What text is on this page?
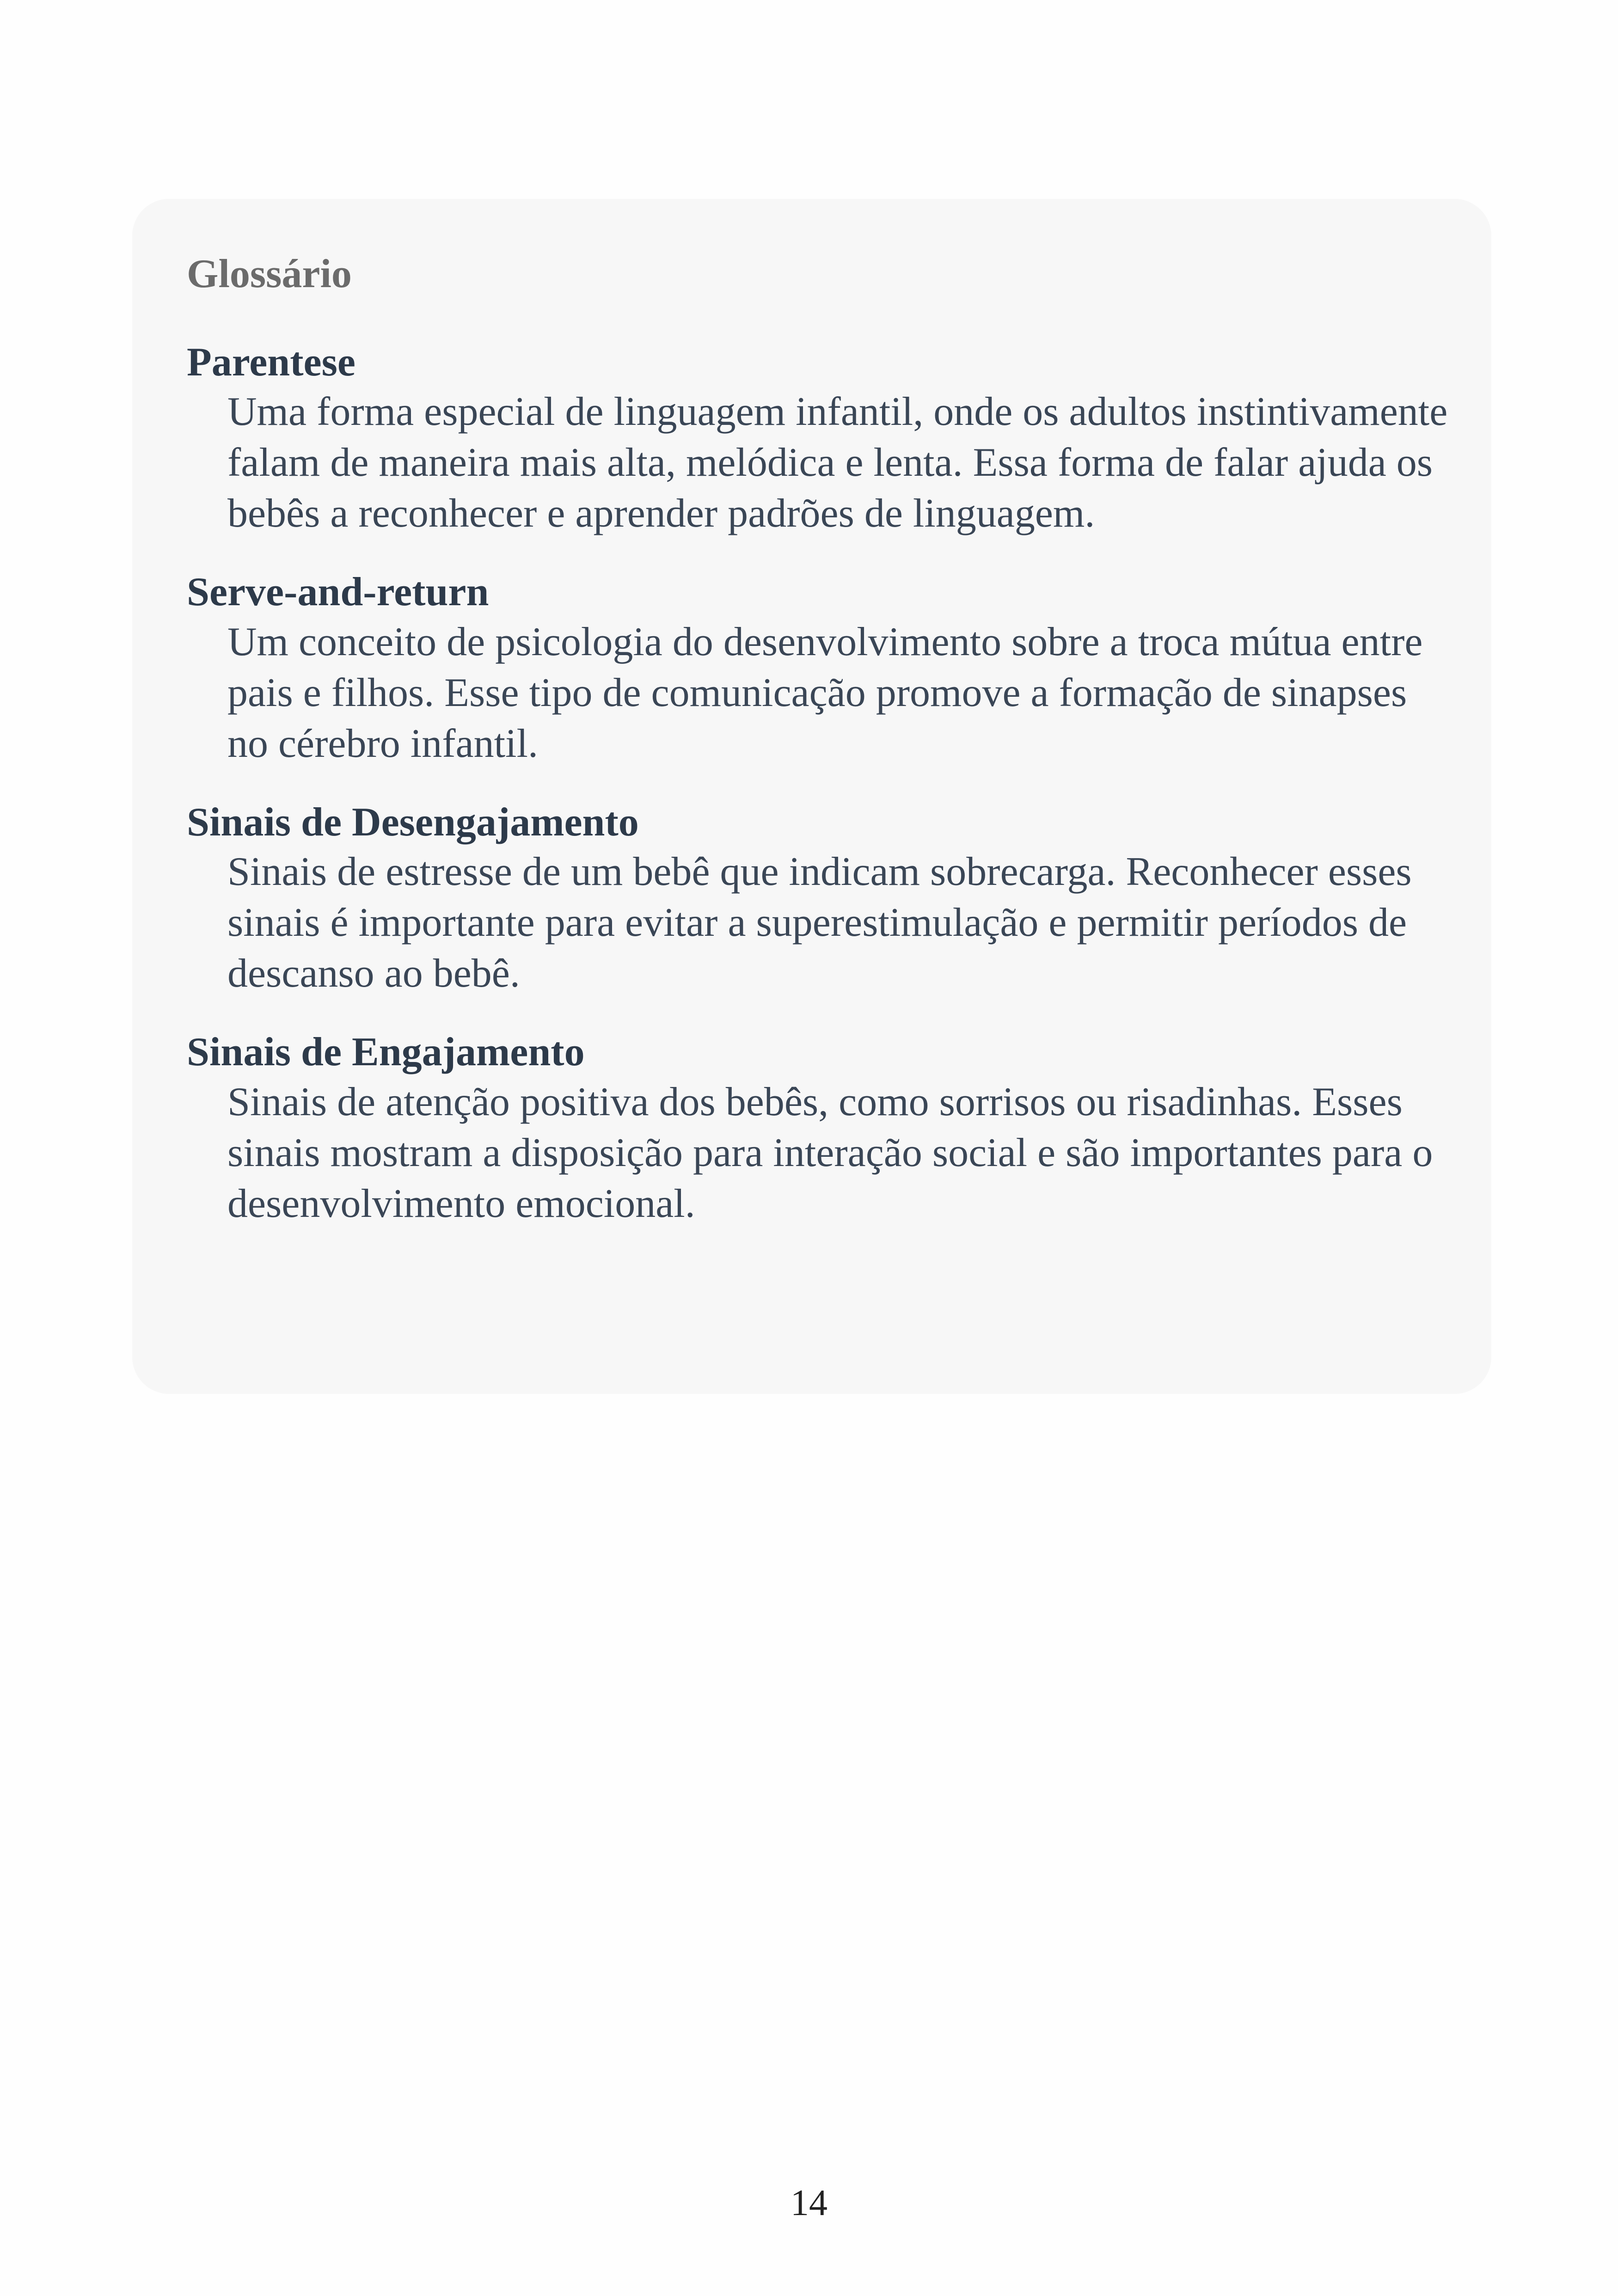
Glossário
Parentese
Uma forma especial de linguagem infantil, onde os adultos instintivamente falam de maneira mais alta, melódica e lenta. Essa forma de falar ajuda os bebês a reconhecer e aprender padrões de linguagem.
Serve-and-return
Um conceito de psicologia do desenvolvimento sobre a troca mútua entre pais e filhos. Esse tipo de comunicação promove a formação de sinapses no cérebro infantil.
Sinais de Desengajamento
Sinais de estresse de um bebê que indicam sobrecarga. Reconhecer esses sinais é importante para evitar a superestimulação e permitir períodos de descanso ao bebê.
Sinais de Engajamento
Sinais de atenção positiva dos bebês, como sorrisos ou risadinhas. Esses sinais mostram a disposição para interação social e são importantes para o desenvolvimento emocional.
14
